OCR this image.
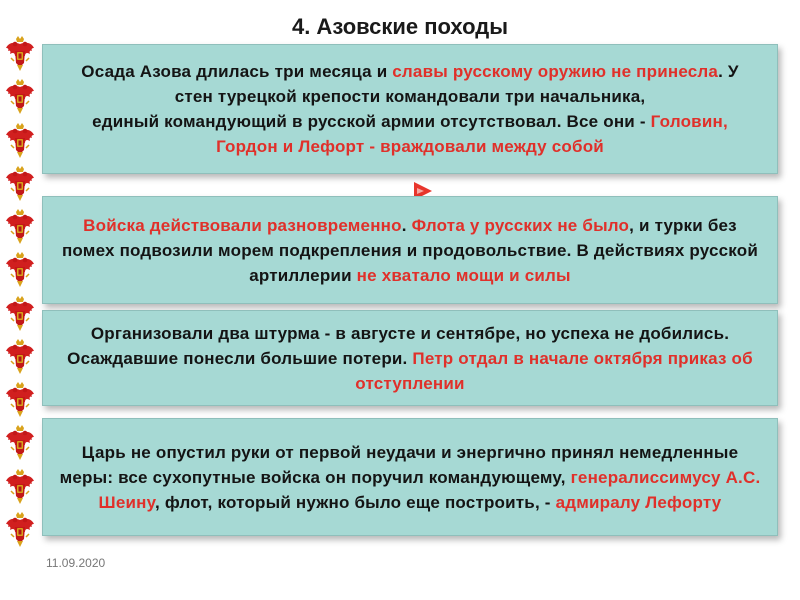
4. Азовские походы

Осада Азова длилась три месяца и славы русскому оружию не принесла. У стен турецкой крепости командовали три начальника,

единый командующий в русской армии отсутствовал. Все они - Головин, Гордон и Лефорт - враждовали между собой

Войска действовали разновременно. Флота у русских не было, и турки без помех подвозили морем подкрепления и продовольствие. В действиях русской артиллерии не хватало мощи и силы

Организовали два штурма - в августе и сентябре, но успеха не добились. Осаждавшие понесли большие потери. Петр отдал в начале октября приказ об отступлении

Царь не опустил руки от первой неудачи и энергично принял немедленные меры: все сухопутные войска он поручил командующему, генералиссимусу А.С. Шеину, флот, который нужно было еще построить, - адмиралу Лефорту

11.09.2020
